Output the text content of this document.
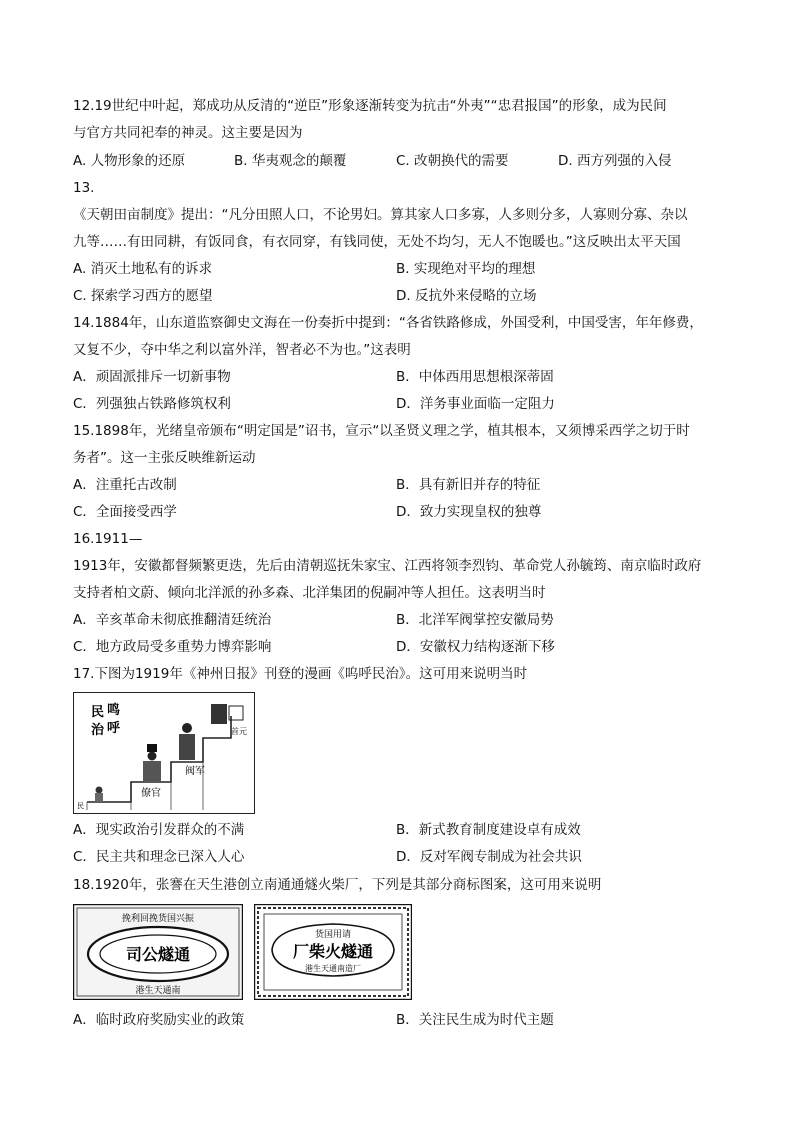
12.19世纪中叶起，郑成功从反清的“逆臣”形象逐渐转变为抗击“外夷”“忠君报国”的形象，成为民间
与官方共同祀奉的神灵。这主要是因为
A. 人物形象的还原	B. 华夷观念的颠覆	C. 改朝换代的需要	D. 西方列强的入侵
13.
《天朝田亩制度》提出：“凡分田照人口，不论男妇。算其家人口多寡，人多则分多，人寡则分寡、杂以
九等……有田同耕，有饭同食，有衣同穿，有钱同使，无处不均匀，无人不饱暖也。”这反映出太平天国
A. 消灭土地私有的诉求	B. 实现绝对平均的理想
C. 探索学习西方的愿望	D. 反抗外来侵略的立场
14.1884年，山东道监察御史文海在一份奏折中提到：“各省铁路修成，外国受利，中国受害，年年修费，
又复不少，夺中华之利以富外洋，智者必不为也。”这表明
A．顽固派排斥一切新事物	B．中体西用思想根深蒂固
C．列强独占铁路修筑权利	D．洋务事业面临一定阻力
15.1898年，光绪皇帝颁布“明定国是”诏书，宣示“以圣贤义理之学，植其根本，又须博采西学之切于时
务者”。这一主张反映维新运动
A．注重托古改制	B．具有新旧并存的特征
C．全面接受西学	D．致力实现皇权的独尊
16.1911—
1913年，安徽都督频繁更迭，先后由清朝巡抚朱家宝、江西将领李烈钧、革命党人孙毓筠、南京临时政府
支持者柏文蔚、倾向北洋派的孙多森、北洋集团的倪嗣冲等人担任。这表明当时
A．辛亥革命未彻底推翻清廷统治	B．北洋军阀掌控安徽局势
C．地方政局受多重势力博弈影响	D．安徽权力结构逐渐下移
17.下图为1919年《神州日报》刊登的漫画《呜呼民治》。这可用来说明当时
民 鸣
治 呼	首元
阀军
僚官
民
A．现实政治引发群众的不满	B．新式教育制度建设卓有成效
C．民主共和理念已深入人心	D．反对军阀专制成为社会共识
18.1920年，张謇在天生港创立南通通燧火柴厂，下列是其部分商标图案，这可用来说明
挽利回挽货国兴振
司公燧通
港生天通南
货国用请
厂柴火燧通
港生天通南造厂
A．临时政府奖励实业的政策	B．关注民生成为时代主题
